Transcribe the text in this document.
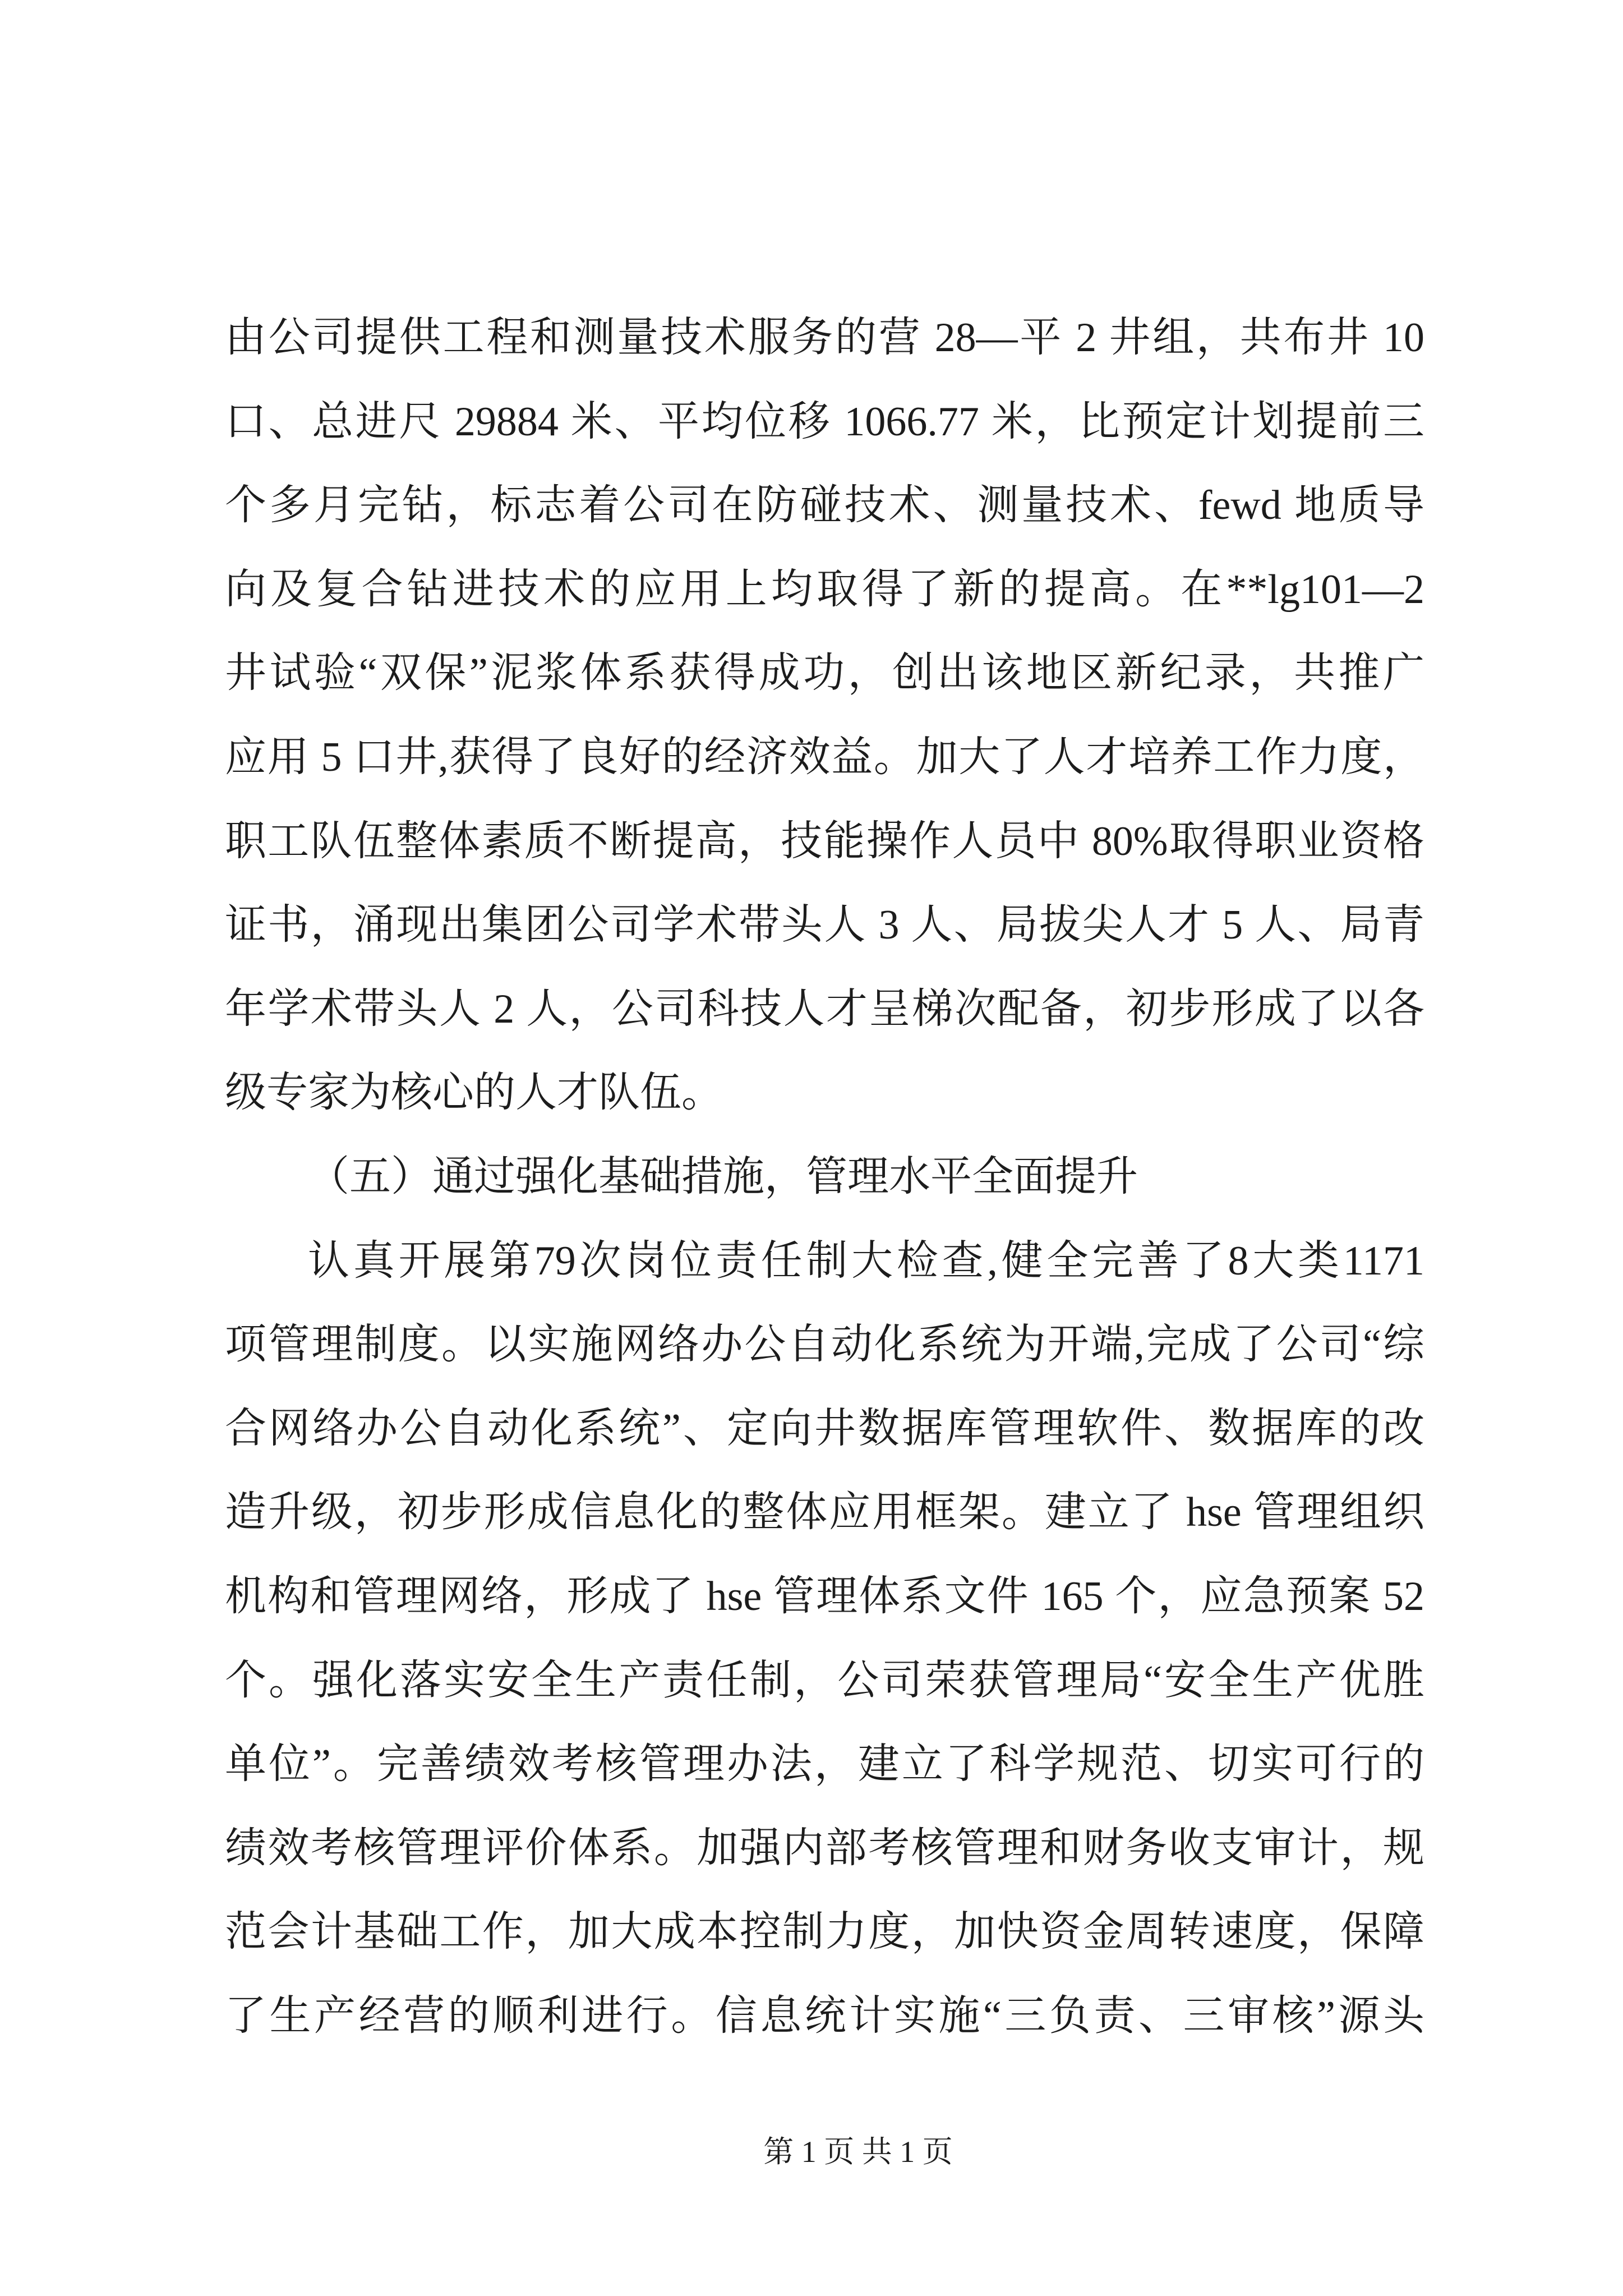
由公司提供工程和测量技术服务的营 28—平 2 井组，共布井 10
口、总进尺 29884 米、平均位移 1066.77 米，比预定计划提前三
个多月完钻，标志着公司在防碰技术、测量技术、fewd 地质导
向及复合钻进技术的应用上均取得了新的提高。在**lg101—2
井试验“双保”泥浆体系获得成功，创出该地区新纪录，共推广
应用 5 口井,获得了良好的经济效益。加大了人才培养工作力度，
职工队伍整体素质不断提高，技能操作人员中 80%取得职业资格
证书，涌现出集团公司学术带头人 3 人、局拔尖人才 5 人、局青
年学术带头人 2 人，公司科技人才呈梯次配备，初步形成了以各
级专家为核心的人才队伍。
（五）通过强化基础措施，管理水平全面提升
认真开展第79次岗位责任制大检查,健全完善了8大类1171
项管理制度。以实施网络办公自动化系统为开端,完成了公司“综
合网络办公自动化系统”、定向井数据库管理软件、数据库的改
造升级，初步形成信息化的整体应用框架。建立了 hse 管理组织
机构和管理网络，形成了 hse 管理体系文件 165 个，应急预案 52
个。强化落实安全生产责任制，公司荣获管理局“安全生产优胜
单位”。完善绩效考核管理办法，建立了科学规范、切实可行的
绩效考核管理评价体系。加强内部考核管理和财务收支审计，规
范会计基础工作，加大成本控制力度，加快资金周转速度，保障
了生产经营的顺利进行。信息统计实施“三负责、三审核”源头
第 1 页 共 1 页
